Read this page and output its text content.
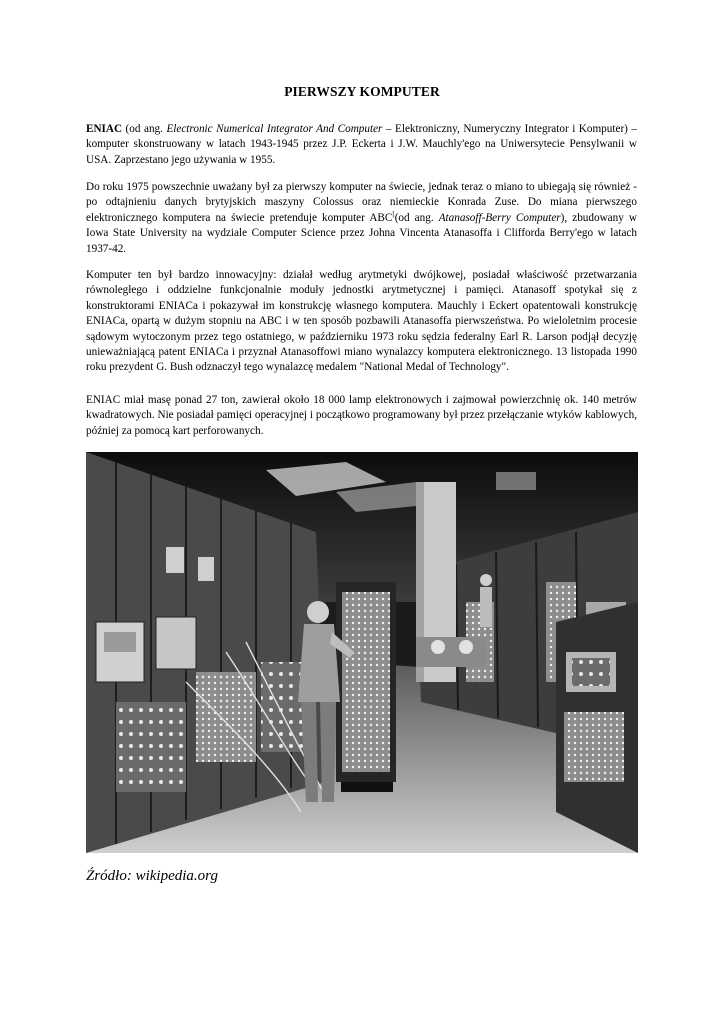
PIERWSZY KOMPUTER

ENIAC (od ang. Electronic Numerical Integrator And Computer – Elektroniczny, Numeryczny Integrator i Komputer) – komputer skonstruowany w latach 1943-1945 przez J.P. Eckerta i J.W. Mauchly'ego na Uniwersytecie Pensylwanii w USA. Zaprzestano jego używania w 1955.

Do roku 1975 powszechnie uważany był za pierwszy komputer na świecie, jednak teraz o miano to ubiegają się również - po odtajnieniu danych brytyjskich maszyny Colossus oraz niemieckie Konrada Zuse. Do miana pierwszego elektronicznego komputera na świecie pretenduje komputer ABC[(od ang. Atanasoff-Berry Computer), zbudowany w Iowa State University na wydziale Computer Science przez Johna Vincenta Atanasoffa i Clifforda Berry'ego w latach 1937-42.

Komputer ten był bardzo innowacyjny: działał według arytmetyki dwójkowej, posiadał właściwość przetwarzania równoległego i oddzielne funkcjonalnie moduły jednostki arytmetycznej i pamięci. Atanasoff spotykał się z konstruktorami ENIACa i pokazywał im konstrukcję własnego komputera. Mauchly i Eckert opatentowali konstrukcję ENIACa, opartą w dużym stopniu na ABC i w ten sposób pozbawili Atanasoffa pierwszeństwa. Po wieloletnim procesie sądowym wytoczonym przez tego ostatniego, w październiku 1973 roku sędzia federalny Earl R. Larson podjął decyzję unieważniającą patent ENIACa i przyznał Atanasoffowi miano wynalazcy komputera elektronicznego. 13 listopada 1990 roku prezydent G. Bush odznaczył tego wynalazcę medalem "National Medal of Technology".

ENIAC miał masę ponad 27 ton, zawierał około 18 000 lamp elektronowych i zajmował powierzchnię ok. 140 metrów kwadratowych. Nie posiadał pamięci operacyjnej i początkowo programowany był przez przełączanie wtyków kablowych, później za pomocą kart perforowanych.

Źródło: wikipedia.org
